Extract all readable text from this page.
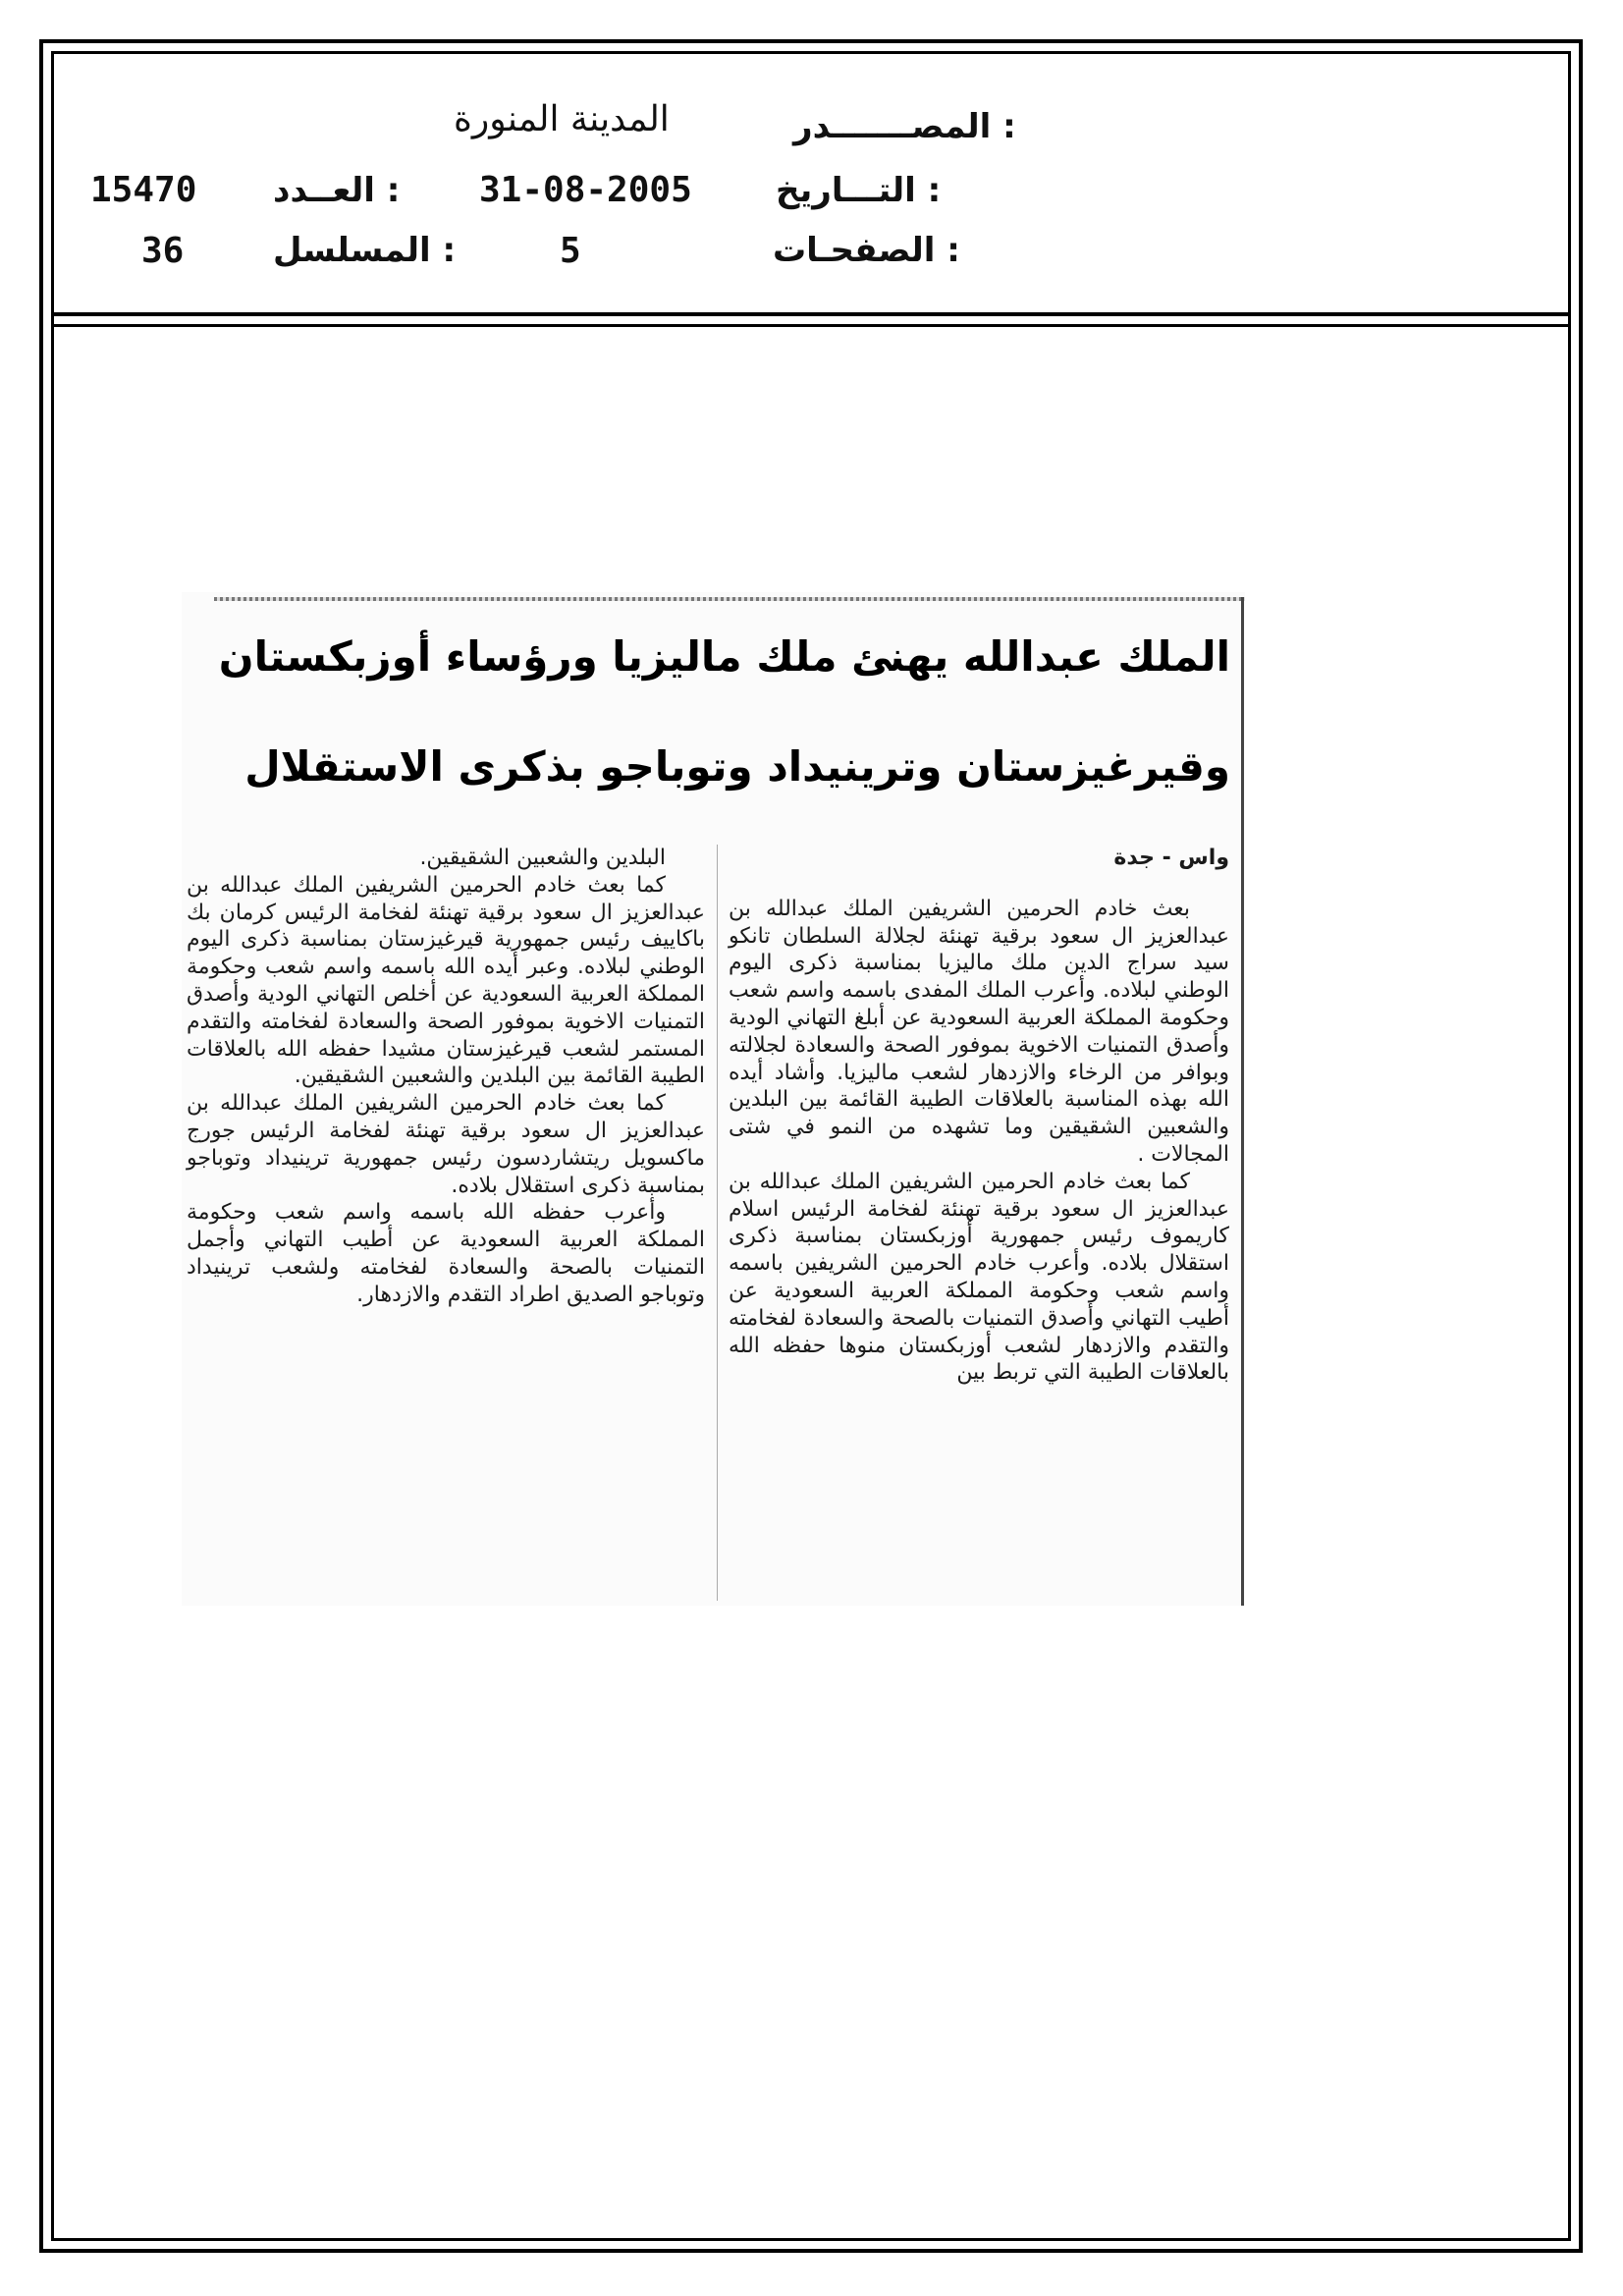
المصـــــــدر :
المدينة المنورة
التـــاريخ :
31-08-2005
العــدد :
15470
الصفحـات :
5
المسلسل :
36
الملك عبدالله يهنئ ملك ماليزيا ورؤساء أوزبكستان
وقيرغيزستان وترينيداد وتوباجو بذكرى الاستقلال

واس - جدة

بعث خادم الحرمين الشريفين الملك عبدالله بن عبدالعزيز ال سعود برقية تهنئة لجلالة السلطان تانكو سيد سراج الدين ملك ماليزيا بمناسبة ذكرى اليوم الوطني لبلاده. وأعرب الملك المفدى باسمه واسم شعب وحكومة المملكة العربية السعودية عن أبلغ التهاني الودية وأصدق التمنيات الاخوية بموفور الصحة والسعادة لجلالته وبوافر من الرخاء والازدهار لشعب ماليزيا. وأشاد أيده الله بهذه المناسبة بالعلاقات الطيبة القائمة بين البلدين والشعبين الشقيقين وما تشهده من النمو في شتى المجالات .

كما بعث خادم الحرمين الشريفين الملك عبدالله بن عبدالعزيز ال سعود برقية تهنئة لفخامة الرئيس اسلام كاريموف رئيس جمهورية أوزبكستان بمناسبة ذكرى استقلال بلاده. وأعرب خادم الحرمين الشريفين باسمه واسم شعب وحكومة المملكة العربية السعودية عن أطيب التهاني وأصدق التمنيات بالصحة والسعادة لفخامته والتقدم والازدهار لشعب أوزبكستان منوها حفظه الله بالعلاقات الطيبة التي تربط بين

البلدين والشعبين الشقيقين.

كما بعث خادم الحرمين الشريفين الملك عبدالله بن عبدالعزيز ال سعود برقية تهنئة لفخامة الرئيس كرمان بك باكاييف رئيس جمهورية قيرغيزستان بمناسبة ذكرى اليوم الوطني لبلاده. وعبر أيده الله باسمه واسم شعب وحكومة المملكة العربية السعودية عن أخلص التهاني الودية وأصدق التمنيات الاخوية بموفور الصحة والسعادة لفخامته والتقدم المستمر لشعب قيرغيزستان مشيدا حفظه الله بالعلاقات الطيبة القائمة بين البلدين والشعبين الشقيقين.

كما بعث خادم الحرمين الشريفين الملك عبدالله بن عبدالعزيز ال سعود برقية تهنئة لفخامة الرئيس جورج ماكسويل ريتشاردسون رئيس جمهورية ترينيداد وتوباجو بمناسبة ذكرى استقلال بلاده.

وأعرب حفظه الله باسمه واسم شعب وحكومة المملكة العربية السعودية عن أطيب التهاني وأجمل التمنيات بالصحة والسعادة لفخامته ولشعب ترينيداد وتوباجو الصديق اطراد التقدم والازدهار.
